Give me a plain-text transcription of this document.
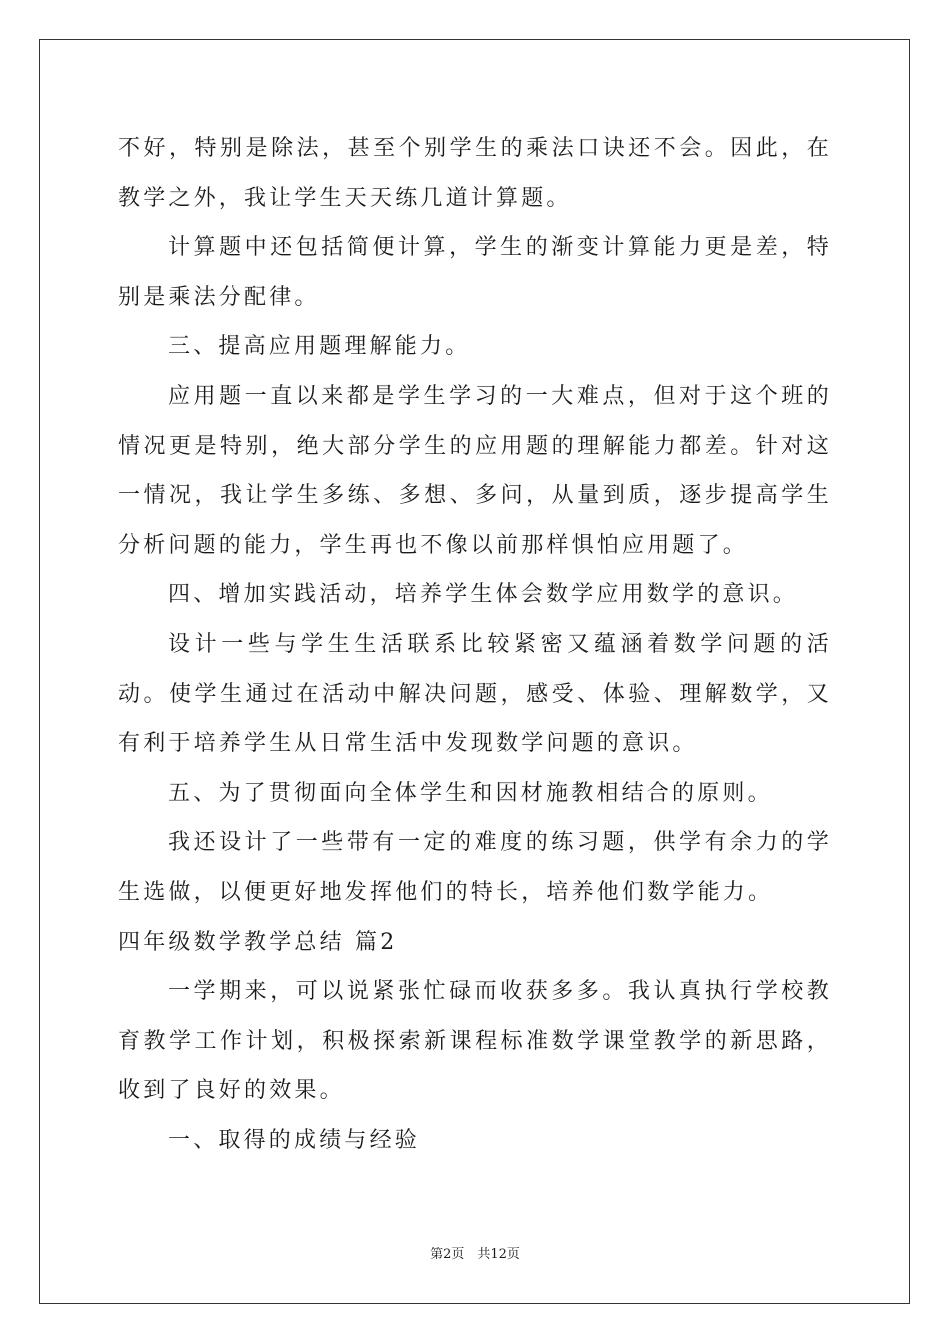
不好，特别是除法，甚至个别学生的乘法口诀还不会。因此，在教学之外，我让学生天天练几道计算题。

计算题中还包括简便计算，学生的渐变计算能力更是差，特别是乘法分配律。

三、提高应用题理解能力。

应用题一直以来都是学生学习的一大难点，但对于这个班的情况更是特别，绝大部分学生的应用题的理解能力都差。针对这一情况，我让学生多练、多想、多问，从量到质，逐步提高学生分析问题的能力，学生再也不像以前那样惧怕应用题了。

四、增加实践活动，培养学生体会数学应用数学的意识。

设计一些与学生生活联系比较紧密又蕴涵着数学问题的活动。使学生通过在活动中解决问题，感受、体验、理解数学，又有利于培养学生从日常生活中发现数学问题的意识。

五、为了贯彻面向全体学生和因材施教相结合的原则。

我还设计了一些带有一定的难度的练习题，供学有余力的学生选做，以便更好地发挥他们的特长，培养他们数学能力。

四年级数学教学总结 篇2

一学期来，可以说紧张忙碌而收获多多。我认真执行学校教育教学工作计划，积极探索新课程标准数学课堂教学的新思路，收到了良好的效果。

一、取得的成绩与经验

第2页　共12页
